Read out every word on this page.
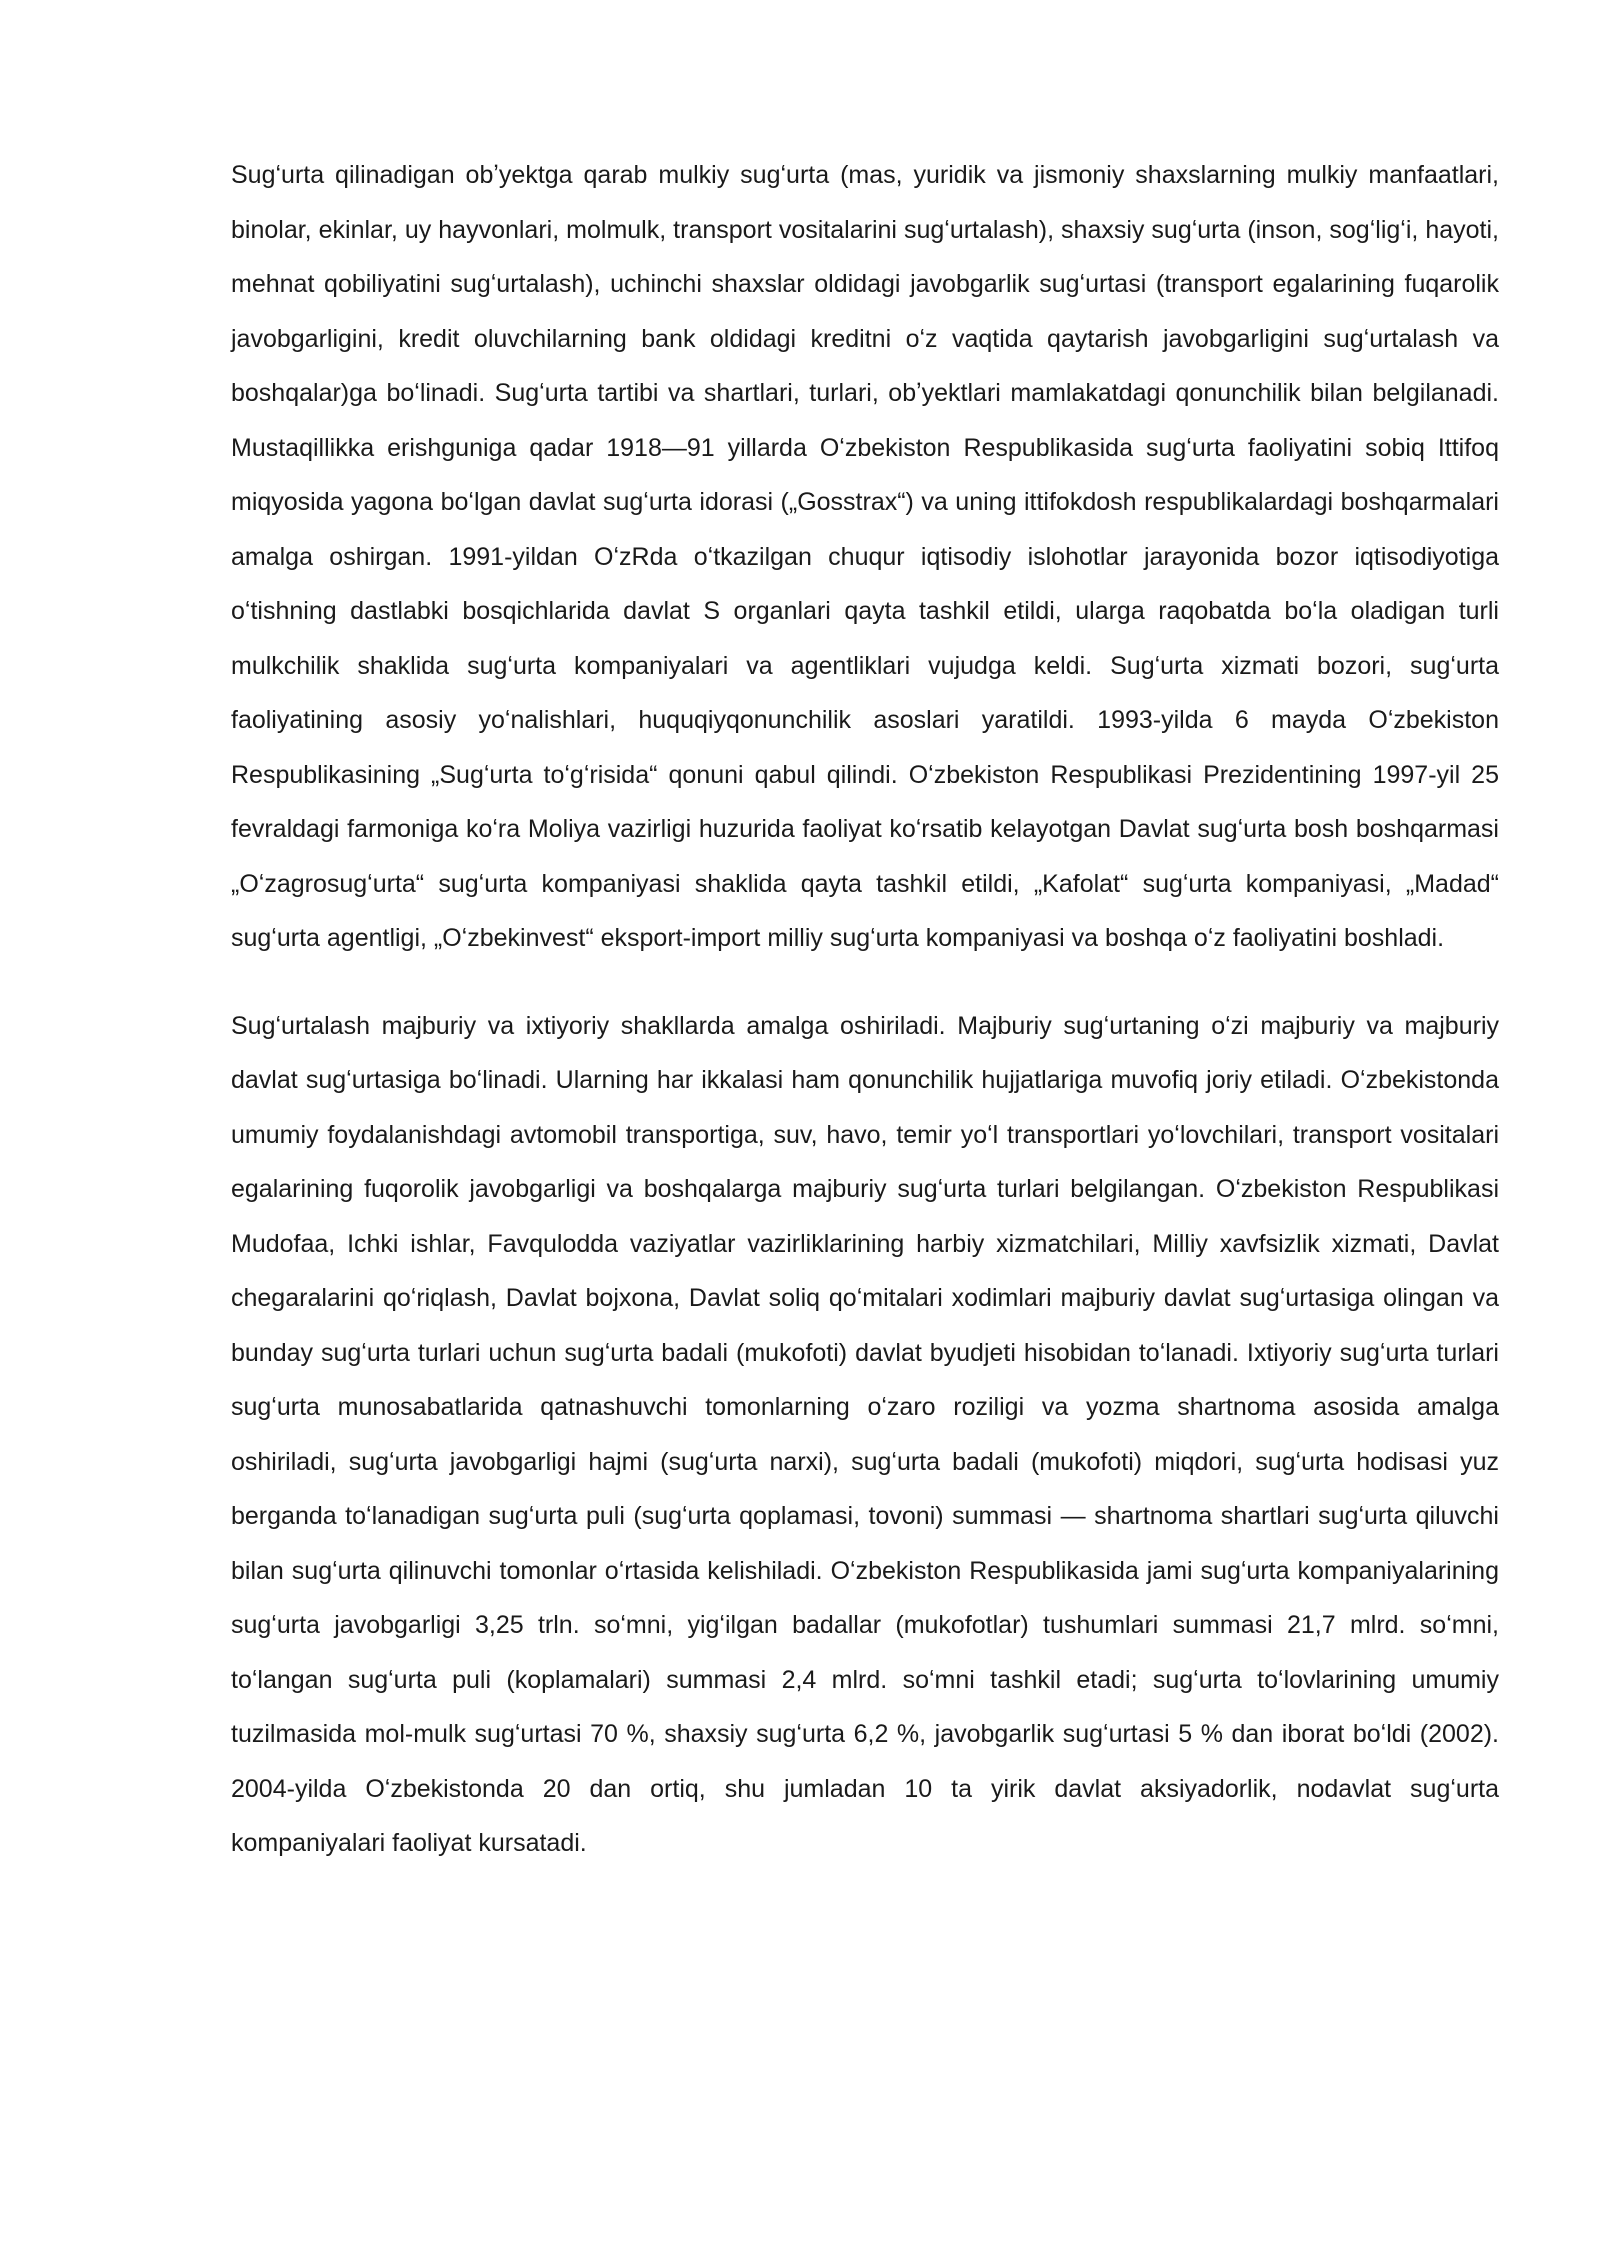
Sugʻurta qilinadigan obʼyektga qarab mulkiy sugʻurta (mas, yuridik va jismoniy shaxslarning mulkiy manfaatlari, binolar, ekinlar, uy hayvonlari, molmulk, transport vositalarini sugʻurtalash), shaxsiy sugʻurta (inson, sogʻligʻi, hayoti, mehnat qobiliyatini sugʻurtalash), uchinchi shaxslar oldidagi javobgarlik sugʻurtasi (transport egalarining fuqarolik javobgarligini, kredit oluvchilarning bank oldidagi kreditni oʻz vaqtida qaytarish javobgarligini sugʻurtalash va boshqalar)ga boʻlinadi. Sugʻurta tartibi va shartlari, turlari, obʼyektlari mamlakatdagi qonunchilik bilan belgilanadi. Mustaqillikka erishguniga qadar 1918—91 yillarda Oʻzbekiston Respublikasida sugʻurta faoliyatini sobiq Ittifoq miqyosida yagona boʻlgan davlat sugʻurta idorasi („Gosstrax“) va uning ittifokdosh respublikalardagi boshqarmalari amalga oshirgan. 1991-yildan OʻzRda oʻtkazilgan chuqur iqtisodiy islohotlar jarayonida bozor iqtisodiyotiga oʻtishning dastlabki bosqichlarida davlat S organlari qayta tashkil etildi, ularga raqobatda boʻla oladigan turli mulkchilik shaklida sugʻurta kompaniyalari va agentliklari vujudga keldi. Sugʻurta xizmati bozori, sugʻurta faoliyatining asosiy yoʻnalishlari, huquqiyqonunchilik asoslari yaratildi. 1993-yilda 6 mayda Oʻzbekiston Respublikasining „Sugʻurta toʻgʻrisida“ qonuni qabul qilindi. Oʻzbekiston Respublikasi Prezidentining 1997-yil 25 fevraldagi farmoniga koʻra Moliya vazirligi huzurida faoliyat koʻrsatib kelayotgan Davlat sugʻurta bosh boshqarmasi „Oʻzagrosugʻurta“ sugʻurta kompaniyasi shaklida qayta tashkil etildi, „Kafolat“ sugʻurta kompaniyasi, „Madad“ sugʻurta agentligi, „Oʻzbekinvest“ eksport-import milliy sugʻurta kompaniyasi va boshqa oʻz faoliyatini boshladi.

Sugʻurtalash majburiy va ixtiyoriy shakllarda amalga oshiriladi. Majburiy sugʻurtaning oʻzi majburiy va majburiy davlat sugʻurtasiga boʻlinadi. Ularning har ikkalasi ham qonunchilik hujjatlariga muvofiq joriy etiladi. Oʻzbekistonda umumiy foydalanishdagi avtomobil transportiga, suv, havo, temir yoʻl transportlari yoʻlovchilari, transport vositalari egalarining fuqorolik javobgarligi va boshqalarga majburiy sugʻurta turlari belgilangan. Oʻzbekiston Respublikasi Mudofaa, Ichki ishlar, Favqulodda vaziyatlar vazirliklarining harbiy xizmatchilari, Milliy xavfsizlik xizmati, Davlat chegaralarini qoʻriqlash, Davlat bojxona, Davlat soliq qoʻmitalari xodimlari majburiy davlat sugʻurtasiga olingan va bunday sugʻurta turlari uchun sugʻurta badali (mukofoti) davlat byudjeti hisobidan toʻlanadi. Ixtiyoriy sugʻurta turlari sugʻurta munosabatlarida qatnashuvchi tomonlarning oʻzaro roziligi va yozma shartnoma asosida amalga oshiriladi, sugʻurta javobgarligi hajmi (sugʻurta narxi), sugʻurta badali (mukofoti) miqdori, sugʻurta hodisasi yuz berganda toʻlanadigan sugʻurta puli (sugʻurta qoplamasi, tovoni) summasi — shartnoma shartlari sugʻurta qiluvchi bilan sugʻurta qilinuvchi tomonlar oʻrtasida kelishiladi. Oʻzbekiston Respublikasida jami sugʻurta kompaniyalarining sugʻurta javobgarligi 3,25 trln. soʻmni, yigʻilgan badallar (mukofotlar) tushumlari summasi 21,7 mlrd. soʻmni, toʻlangan sugʻurta puli (koplamalari) summasi 2,4 mlrd. soʻmni tashkil etadi; sugʻurta toʻlovlarining umumiy tuzilmasida mol-mulk sugʻurtasi 70 %, shaxsiy sugʻurta 6,2 %, javobgarlik sugʻurtasi 5 % dan iborat boʻldi (2002). 2004-yilda Oʻzbekistonda 20 dan ortiq, shu jumladan 10 ta yirik davlat aksiyadorlik, nodavlat sugʻurta kompaniyalari faoliyat kursatadi.
